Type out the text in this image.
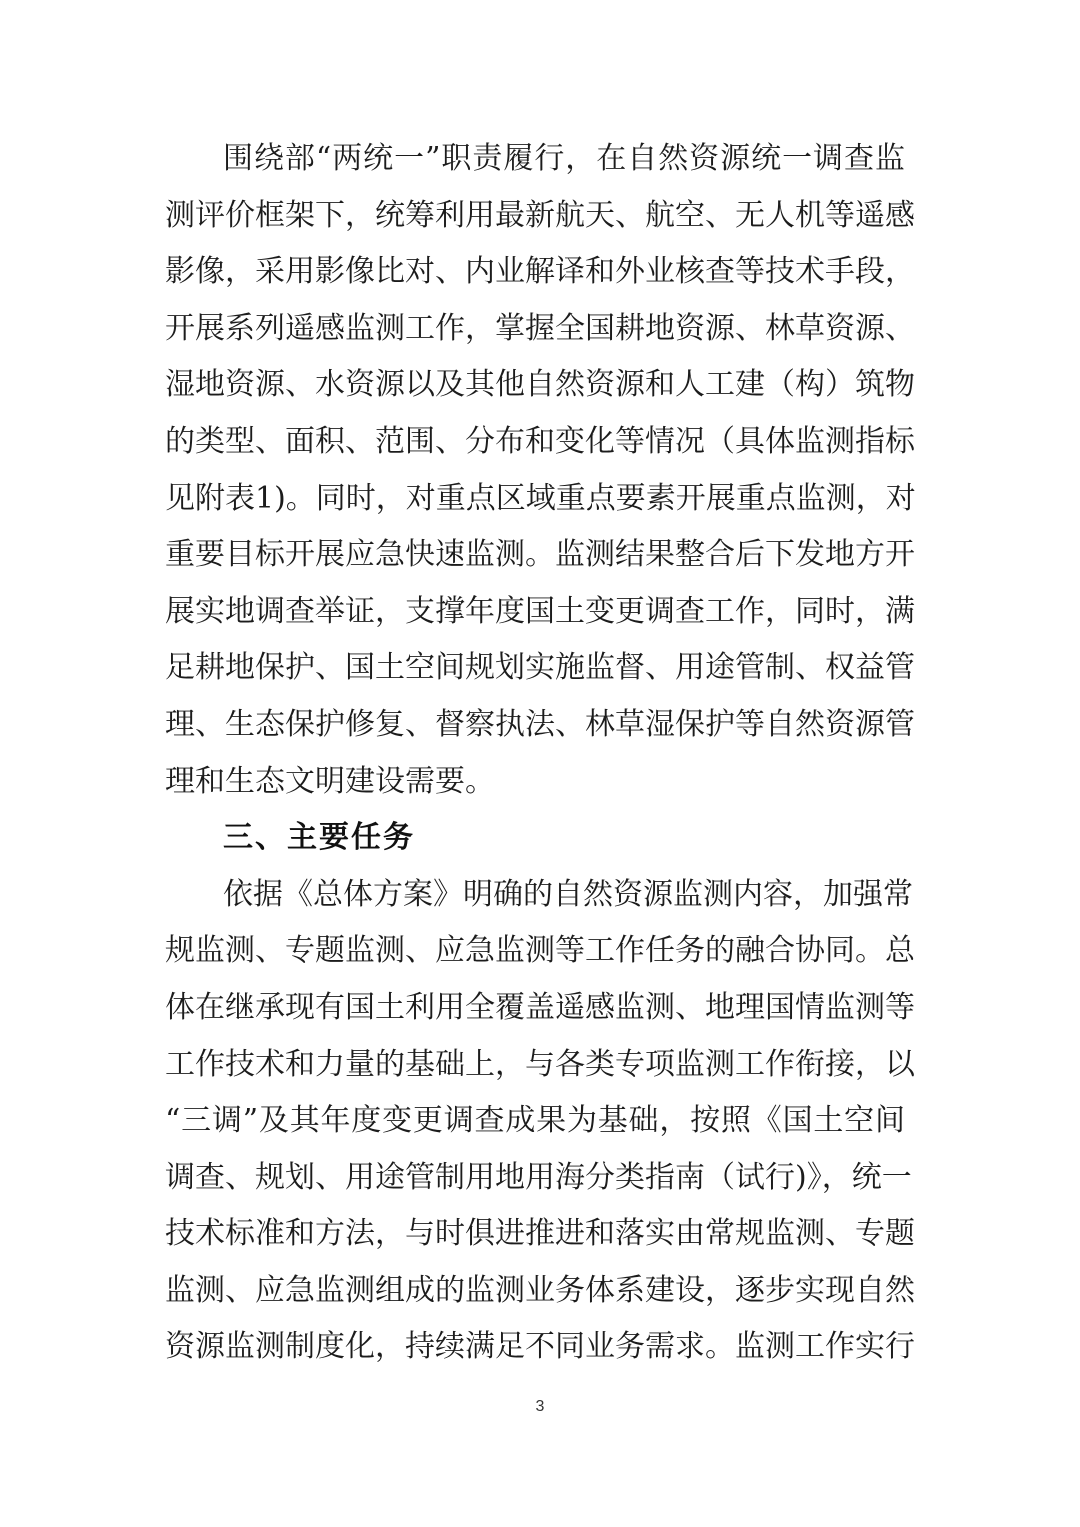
围绕部“两统一”职责履行，在自然资源统一调查监
测评价框架下，统筹利用最新航天、航空、无人机等遥感
影像，采用影像比对、内业解译和外业核查等技术手段，
开展系列遥感监测工作，掌握全国耕地资源、林草资源、
湿地资源、水资源以及其他自然资源和人工建（构）筑物
的类型、面积、范围、分布和变化等情况（具体监测指标
见附表1)。同时，对重点区域重点要素开展重点监测，对
重要目标开展应急快速监测。监测结果整合后下发地方开
展实地调查举证，支撑年度国土变更调查工作，同时，满
足耕地保护、国土空间规划实施监督、用途管制、权益管
理、生态保护修复、督察执法、林草湿保护等自然资源管
理和生态文明建设需要。
三、主要任务
依据《总体方案》明确的自然资源监测内容，加强常
规监测、专题监测、应急监测等工作任务的融合协同。总
体在继承现有国土利用全覆盖遥感监测、地理国情监测等
工作技术和力量的基础上，与各类专项监测工作衔接，以
“三调”及其年度变更调查成果为基础，按照《国土空间
调查、规划、用途管制用地用海分类指南（试行)》，统一
技术标准和方法，与时俱进推进和落实由常规监测、专题
监测、应急监测组成的监测业务体系建设，逐步实现自然
资源监测制度化，持续满足不同业务需求。监测工作实行
3
